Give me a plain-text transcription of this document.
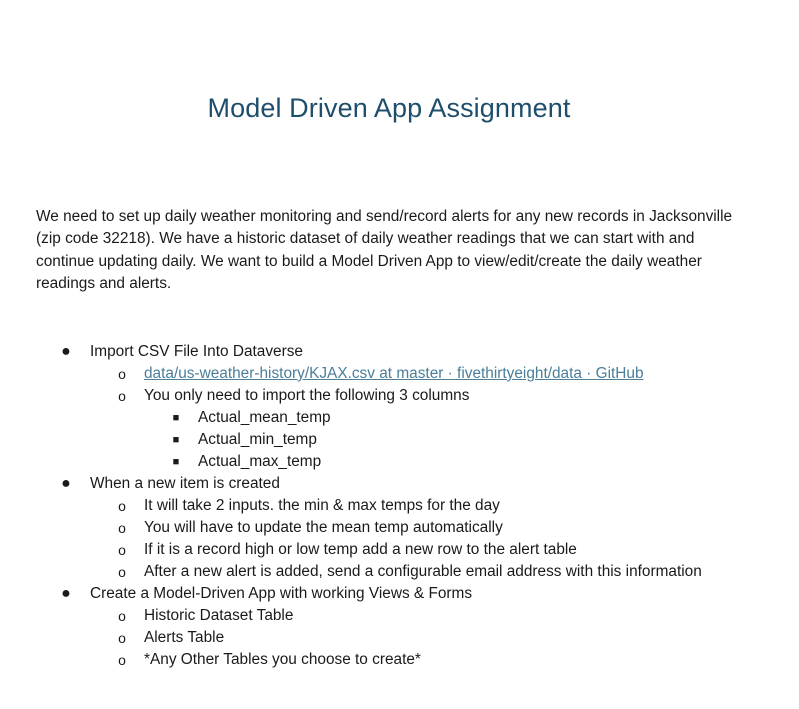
Model Driven App Assignment

We need to set up daily weather monitoring and send/record alerts for any new records in Jacksonville (zip code 32218). We have a historic dataset of daily weather readings that we can start with and continue updating daily. We want to build a Model Driven App to view/edit/create the daily weather readings and alerts.

● Import CSV File Into Dataverse
o data/us-weather-history/KJAX.csv at master · fivethirtyeight/data · GitHub
o You only need to import the following 3 columns
■ Actual_mean_temp
■ Actual_min_temp
■ Actual_max_temp
● When a new item is created
o It will take 2 inputs. the min & max temps for the day
o You will have to update the mean temp automatically
o If it is a record high or low temp add a new row to the alert table
o After a new alert is added, send a configurable email address with this information
● Create a Model-Driven App with working Views & Forms
o Historic Dataset Table
o Alerts Table
o *Any Other Tables you choose to create*
